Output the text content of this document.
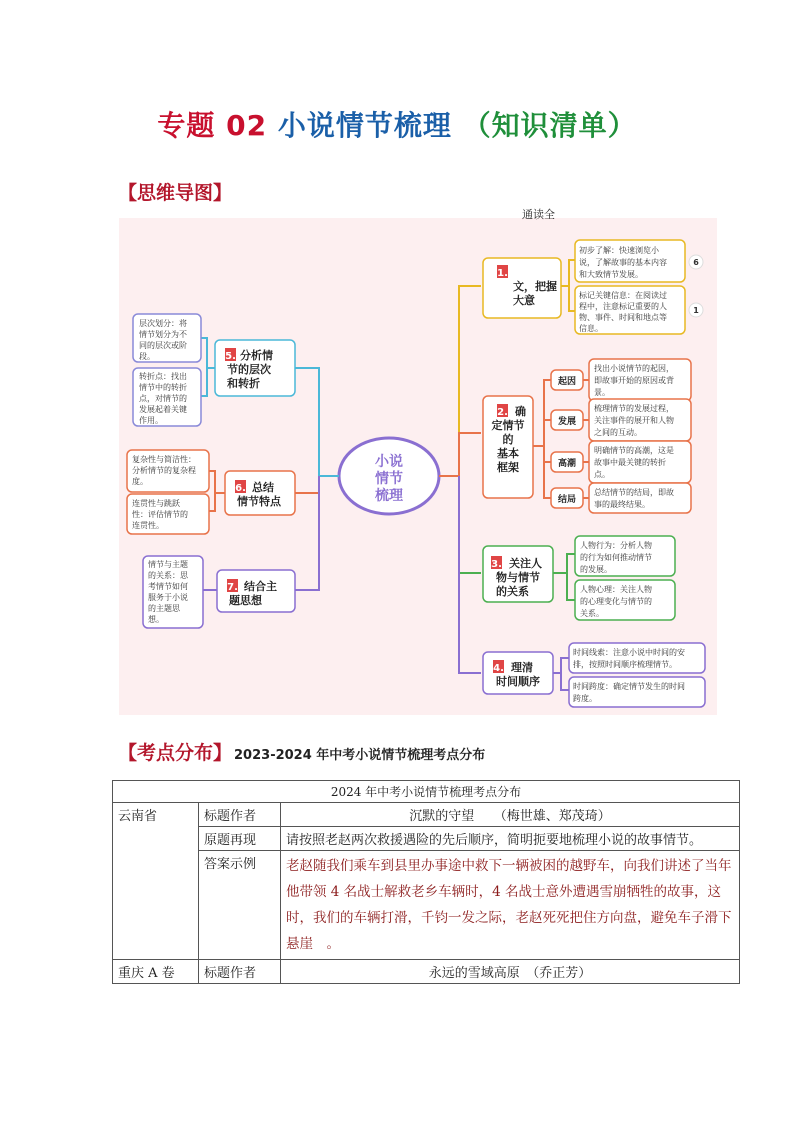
专题 02 小说情节梳理 （知识清单）
【思维导图】
小说
情节
梳理
1.
通读全
文，把握
大意
初步了解：快速浏览小
说，了解故事的基本内容
和大致情节发展。
标记关键信息：在阅读过
程中，注意标记重要的人
物、事件、时间和地点等
信息。
6
1
2. 确
定情节
的
基本
框架
起因
找出小说情节的起因，
即故事开始的原因或背
景。
发展
梳理情节的发展过程，
关注事件的展开和人物
之间的互动。
高潮
明确情节的高潮，这是
故事中最关键的转折
点。
结局
总结情节的结局，即故
事的最终结果。
3. 关注人
物与情节
的关系
人物行为：分析人物
的行为如何推动情节
的发展。
人物心理：关注人物
的心理变化与情节的
关系。
4. 理清
时间顺序
时间线索：注意小说中时间的安
排，按照时间顺序梳理情节。
时间跨度：确定情节发生的时间
跨度。
5. 分析情
节的层次
和转折
层次划分：将
情节划分为不
同的层次或阶
段。
转折点：找出
情节中的转折
点，对情节的
发展起着关键
作用。
6. 总结
情节特点
复杂性与简洁性：
分析情节的复杂程
度。
连贯性与跳跃
性：评估情节的
连贯性。
7. 结合主
题思想
情节与主题
的关系：思
考情节如何
服务于小说
的主题思
想。
【考点分布】 2023-2024 年中考小说情节梳理考点分布
2024 年中考小说情节梳理考点分布		
云南省	标题作者	沉默的守望　　（梅世雄、郑茂琦）
	原题再现	请按照老赵两次救援遇险的先后顺序，简明扼要地梳理小说的故事情节。
	答案示例	老赵随我们乘车到县里办事途中救下一辆被困的越野车，向我们讲述了当年他带领 4 名战士解救老乡车辆时，4 名战士意外遭遇雪崩牺牲的故事，这时，我们的车辆打滑，千钧一发之际，老赵死死把住方向盘，避免车子滑下悬崖　。
重庆 A 卷	标题作者	永远的雪域高原　（乔正芳）
